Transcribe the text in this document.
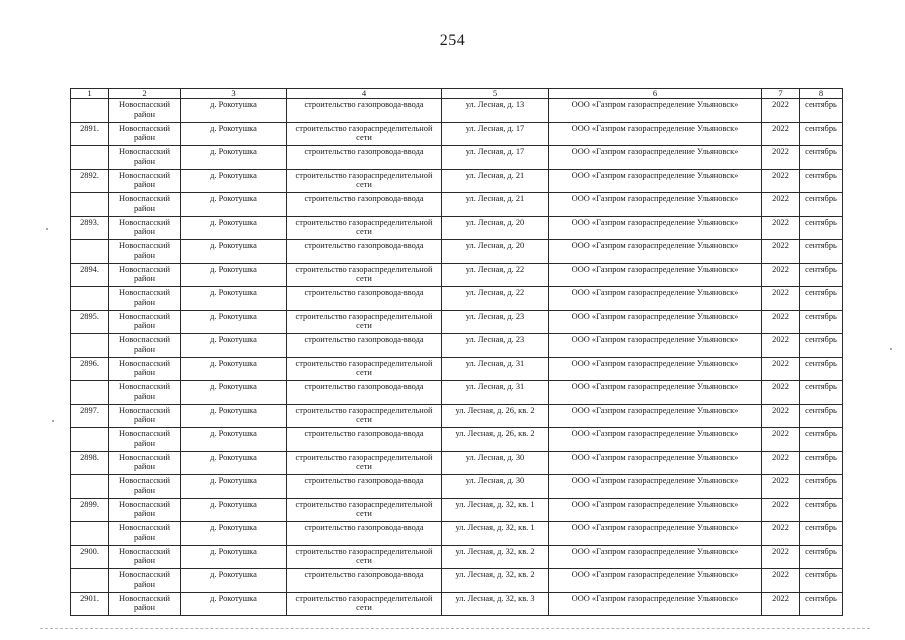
254
1	2	3	4	5	6	7	8
	Новоспасский район	д. Рокотушка	строительство газопровода-ввода	ул. Лесная, д. 13	ООО «Газпром газораспределение Ульяновск»	2022	сентябрь
2891.	Новоспасский район	д. Рокотушка	строительство газораспределительной сети	ул. Лесная, д. 17	ООО «Газпром газораспределение Ульяновск»	2022	сентябрь
	Новоспасский район	д. Рокотушка	строительство газопровода-ввода	ул. Лесная, д. 17	ООО «Газпром газораспределение Ульяновск»	2022	сентябрь
2892.	Новоспасский район	д. Рокотушка	строительство газораспределительной сети	ул. Лесная, д. 21	ООО «Газпром газораспределение Ульяновск»	2022	сентябрь
	Новоспасский район	д. Рокотушка	строительство газопровода-ввода	ул. Лесная, д. 21	ООО «Газпром газораспределение Ульяновск»	2022	сентябрь
2893.	Новоспасский район	д. Рокотушка	строительство газораспределительной сети	ул. Лесная, д. 20	ООО «Газпром газораспределение Ульяновск»	2022	сентябрь
	Новоспасский район	д. Рокотушка	строительство газопровода-ввода	ул. Лесная, д. 20	ООО «Газпром газораспределение Ульяновск»	2022	сентябрь
2894.	Новоспасский район	д. Рокотушка	строительство газораспределительной сети	ул. Лесная, д. 22	ООО «Газпром газораспределение Ульяновск»	2022	сентябрь
	Новоспасский район	д. Рокотушка	строительство газопровода-ввода	ул. Лесная, д. 22	ООО «Газпром газораспределение Ульяновск»	2022	сентябрь
2895.	Новоспасский район	д. Рокотушка	строительство газораспределительной сети	ул. Лесная, д. 23	ООО «Газпром газораспределение Ульяновск»	2022	сентябрь
	Новоспасский район	д. Рокотушка	строительство газопровода-ввода	ул. Лесная, д. 23	ООО «Газпром газораспределение Ульяновск»	2022	сентябрь
2896.	Новоспасский район	д. Рокотушка	строительство газораспределительной сети	ул. Лесная, д. 31	ООО «Газпром газораспределение Ульяновск»	2022	сентябрь
	Новоспасский район	д. Рокотушка	строительство газопровода-ввода	ул. Лесная, д. 31	ООО «Газпром газораспределение Ульяновск»	2022	сентябрь
2897.	Новоспасский район	д. Рокотушка	строительство газораспределительной сети	ул. Лесная, д. 26, кв. 2	ООО «Газпром газораспределение Ульяновск»	2022	сентябрь
	Новоспасский район	д. Рокотушка	строительство газопровода-ввода	ул. Лесная, д. 26, кв. 2	ООО «Газпром газораспределение Ульяновск»	2022	сентябрь
2898.	Новоспасский район	д. Рокотушка	строительство газораспределительной сети	ул. Лесная, д. 30	ООО «Газпром газораспределение Ульяновск»	2022	сентябрь
	Новоспасский район	д. Рокотушка	строительство газопровода-ввода	ул. Лесная, д. 30	ООО «Газпром газораспределение Ульяновск»	2022	сентябрь
2899.	Новоспасский район	д. Рокотушка	строительство газораспределительной сети	ул. Лесная, д. 32, кв. 1	ООО «Газпром газораспределение Ульяновск»	2022	сентябрь
	Новоспасский район	д. Рокотушка	строительство газопровода-ввода	ул. Лесная, д. 32, кв. 1	ООО «Газпром газораспределение Ульяновск»	2022	сентябрь
2900.	Новоспасский район	д. Рокотушка	строительство газораспределительной сети	ул. Лесная, д. 32, кв. 2	ООО «Газпром газораспределение Ульяновск»	2022	сентябрь
	Новоспасский район	д. Рокотушка	строительство газопровода-ввода	ул. Лесная, д. 32, кв. 2	ООО «Газпром газораспределение Ульяновск»	2022	сентябрь
2901.	Новоспасский район	д. Рокотушка	строительство газораспределительной сети	ул. Лесная, д. 32, кв. 3	ООО «Газпром газораспределение Ульяновск»	2022	сентябрь
